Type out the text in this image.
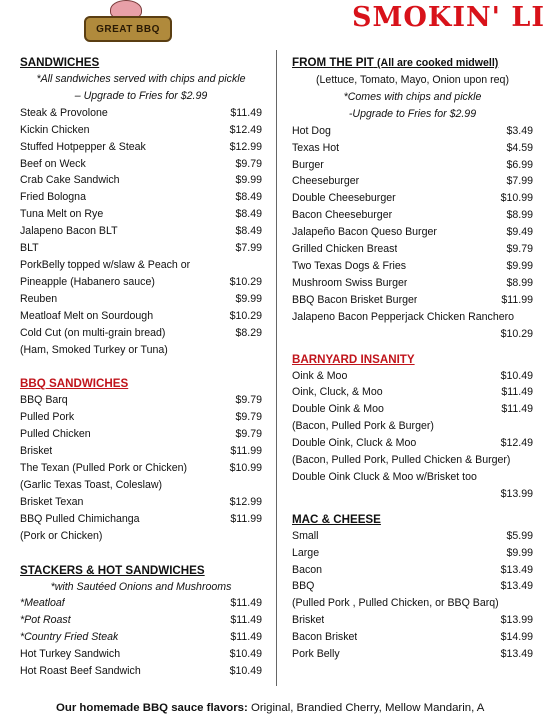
GREAT BBQ	SMOKIN' LI
SANDWICHES
*All sandwiches served with chips and pickle
– Upgrade to Fries for $2.99
Steak & Provolone	$11.49
Kickin Chicken	$12.49
Stuffed Hotpepper & Steak	$12.99
Beef on Weck	$9.79
Crab Cake Sandwich	$9.99
Fried Bologna	$8.49
Tuna Melt on Rye	$8.49
Jalapeno Bacon BLT	$8.49
BLT	$7.99
PorkBelly topped w/slaw & Peach or
Pineapple (Habanero sauce)	$10.29
Reuben	$9.99
Meatloaf Melt on Sourdough	$10.29
Cold Cut (on multi-grain bread)	$8.29
(Ham, Smoked Turkey or Tuna)
BBQ SANDWICHES
BBQ Barq	$9.79
Pulled Pork	$9.79
Pulled Chicken	$9.79
Brisket	$11.99
The Texan (Pulled Pork or Chicken)	$10.99
(Garlic Texas Toast, Coleslaw)
Brisket Texan	$12.99
BBQ Pulled Chimichanga	$11.99
(Pork or Chicken)
STACKERS & HOT SANDWICHES
*with Sautéed Onions and Mushrooms
*Meatloaf	$11.49
*Pot Roast	$11.49
*Country Fried Steak	$11.49
Hot Turkey Sandwich	$10.49
Hot Roast Beef Sandwich	$10.49
FROM THE PIT (All are cooked midwell)
(Lettuce, Tomato, Mayo, Onion upon req)
*Comes with chips and pickle
-Upgrade to Fries for $2.99
Hot Dog	$3.49
Texas Hot	$4.59
Burger	$6.99
Cheeseburger	$7.99
Double Cheeseburger	$10.99
Bacon Cheeseburger	$8.99
Jalapeño Bacon Queso Burger	$9.49
Grilled Chicken Breast	$9.79
Two Texas Dogs & Fries	$9.99
Mushroom Swiss Burger	$8.99
BBQ Bacon Brisket Burger	$11.99
Jalapeno Bacon Pepperjack Chicken Ranchero
$10.29
BARNYARD INSANITY
Oink & Moo	$10.49
Oink, Cluck, & Moo	$11.49
Double Oink & Moo	$11.49
(Bacon, Pulled Pork & Burger)
Double Oink, Cluck & Moo	$12.49
(Bacon, Pulled Pork, Pulled Chicken & Burger)
Double Oink Cluck & Moo w/Brisket too
$13.99
MAC & CHEESE
Small	$5.99
Large	$9.99
Bacon	$13.49
BBQ	$13.49
(Pulled Pork , Pulled Chicken, or BBQ Barq)
Brisket	$13.99
Bacon Brisket	$14.99
Pork Belly	$13.49
Our homemade BBQ sauce flavors: Original, Brandied Cherry, Mellow Mandarin, A
